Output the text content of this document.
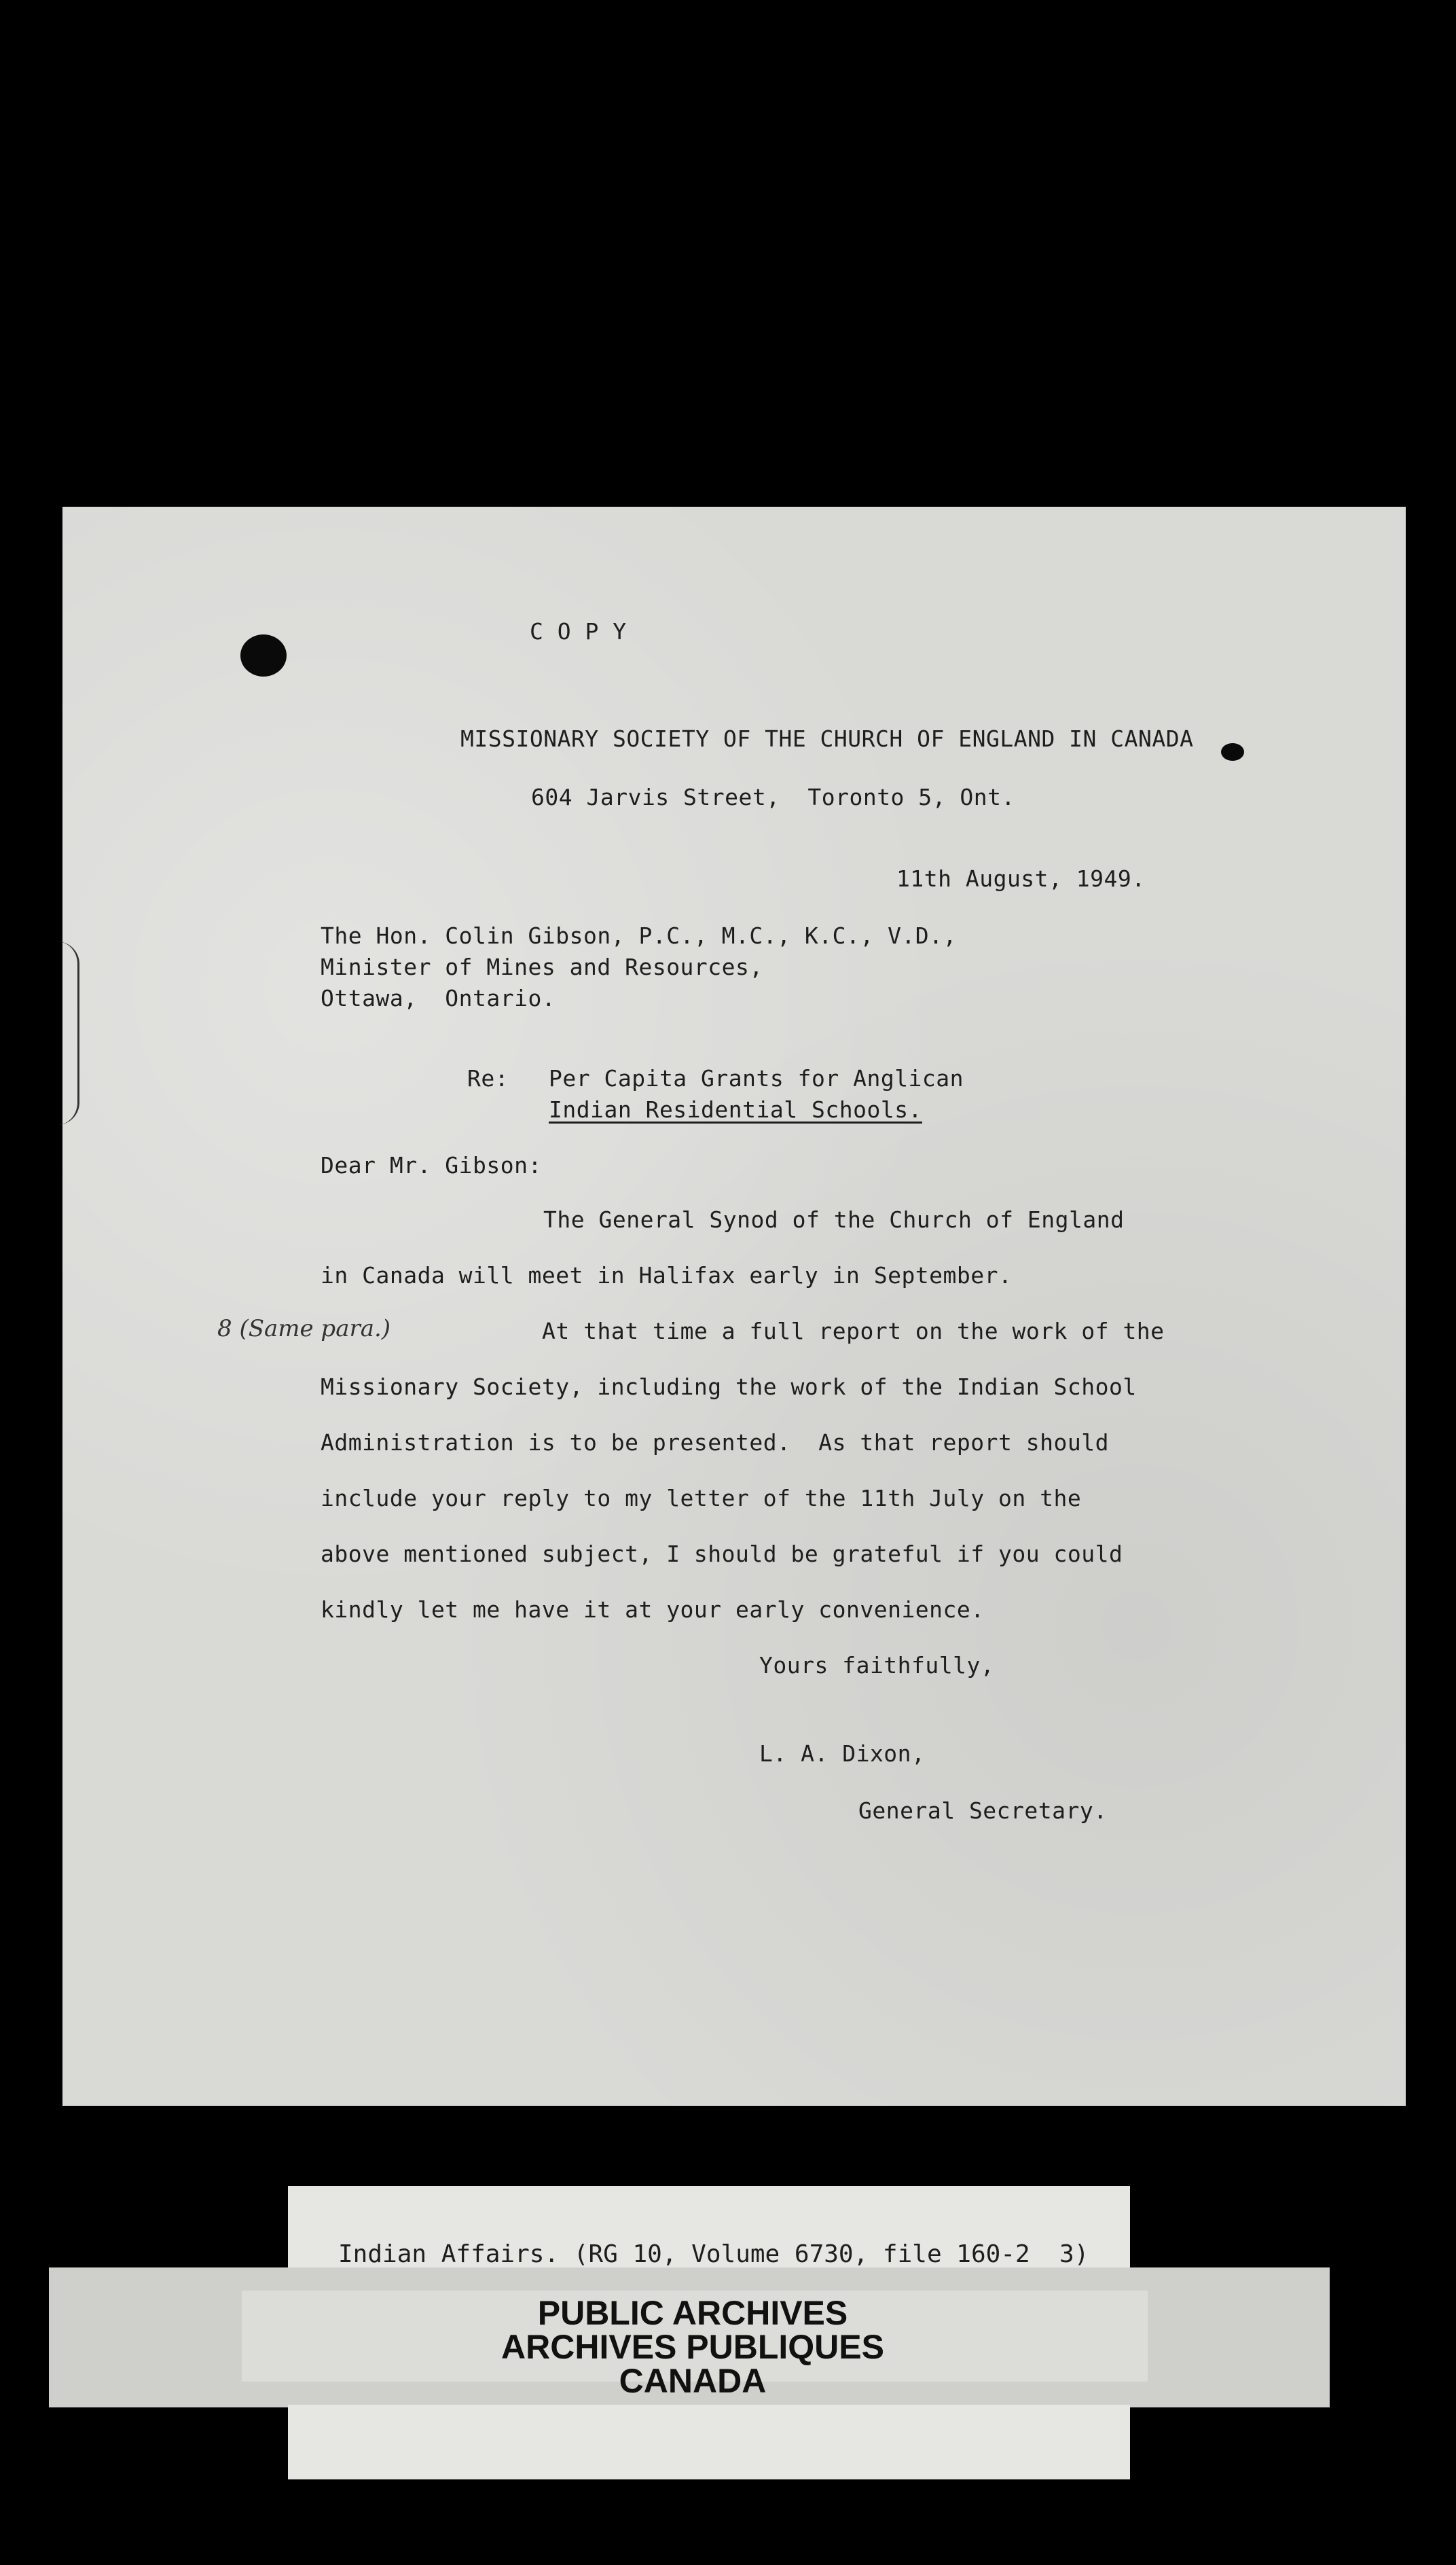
C O P Y
MISSIONARY SOCIETY OF THE CHURCH OF ENGLAND IN CANADA
604 Jarvis Street,  Toronto 5, Ont.
11th August, 1949.
The Hon. Colin Gibson, P.C., M.C., K.C., V.D.,
Minister of Mines and Resources,
Ottawa,  Ontario.
Re: Per Capita Grants for Anglican
Indian Residential Schools.
Dear Mr. Gibson:
The General Synod of the Church of England
in Canada will meet in Halifax early in September.
8 (Same para.)	At that time a full report on the work of the
Missionary Society, including the work of the Indian School
Administration is to be presented.  As that report should
include your reply to my letter of the 11th July on the
above mentioned subject, I should be grateful if you could
kindly let me have it at your early convenience.
Yours faithfully,
L. A. Dixon,
General Secretary.
Indian Affairs. (RG 10, Volume 6730, file 160-2  3)
PUBLIC ARCHIVES
ARCHIVES PUBLIQUES
CANADA
